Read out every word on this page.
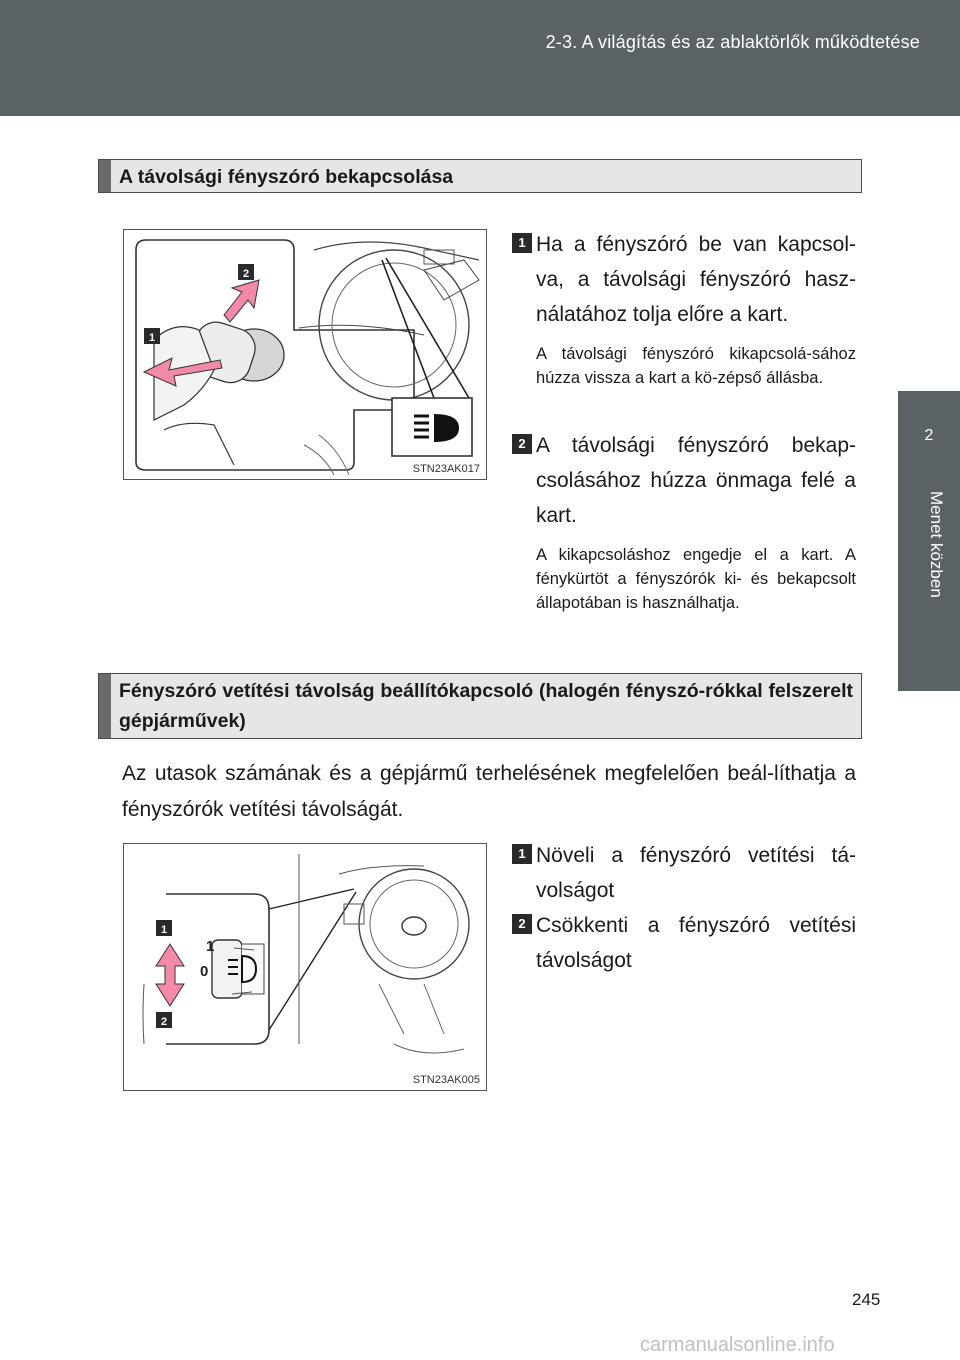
2-3. A világítás és az ablaktörlők működtetése
2
Menet közben
A távolsági fényszóró bekapcsolása
1
2
STN23AK017
1 Ha a fényszóró be van kapcsol-va, a távolsági fényszóró hasz-nálatához tolja előre a kart.
A távolsági fényszóró kikapcsolá-sához húzza vissza a kart a kö-zépső állásba.
2 A távolsági fényszóró bekap-csolásához húzza önmaga felé a kart.
A kikapcsoláshoz engedje el a kart. A fénykürtöt a fényszórók ki- és bekapcsolt állapotában is használhatja.
Fényszóró vetítési távolság beállítókapcsoló (halogén fényszó-rókkal felszerelt gépjárművek)
Az utasok számának és a gépjármű terhelésének megfelelően beál-líthatja a fényszórók vetítési távolságát.
1
0
1
2
STN23AK005
1 Növeli a fényszóró vetítési tá-volságot
2 Csökkenti a fényszóró vetítési távolságot
245
carmanualsonline.info
